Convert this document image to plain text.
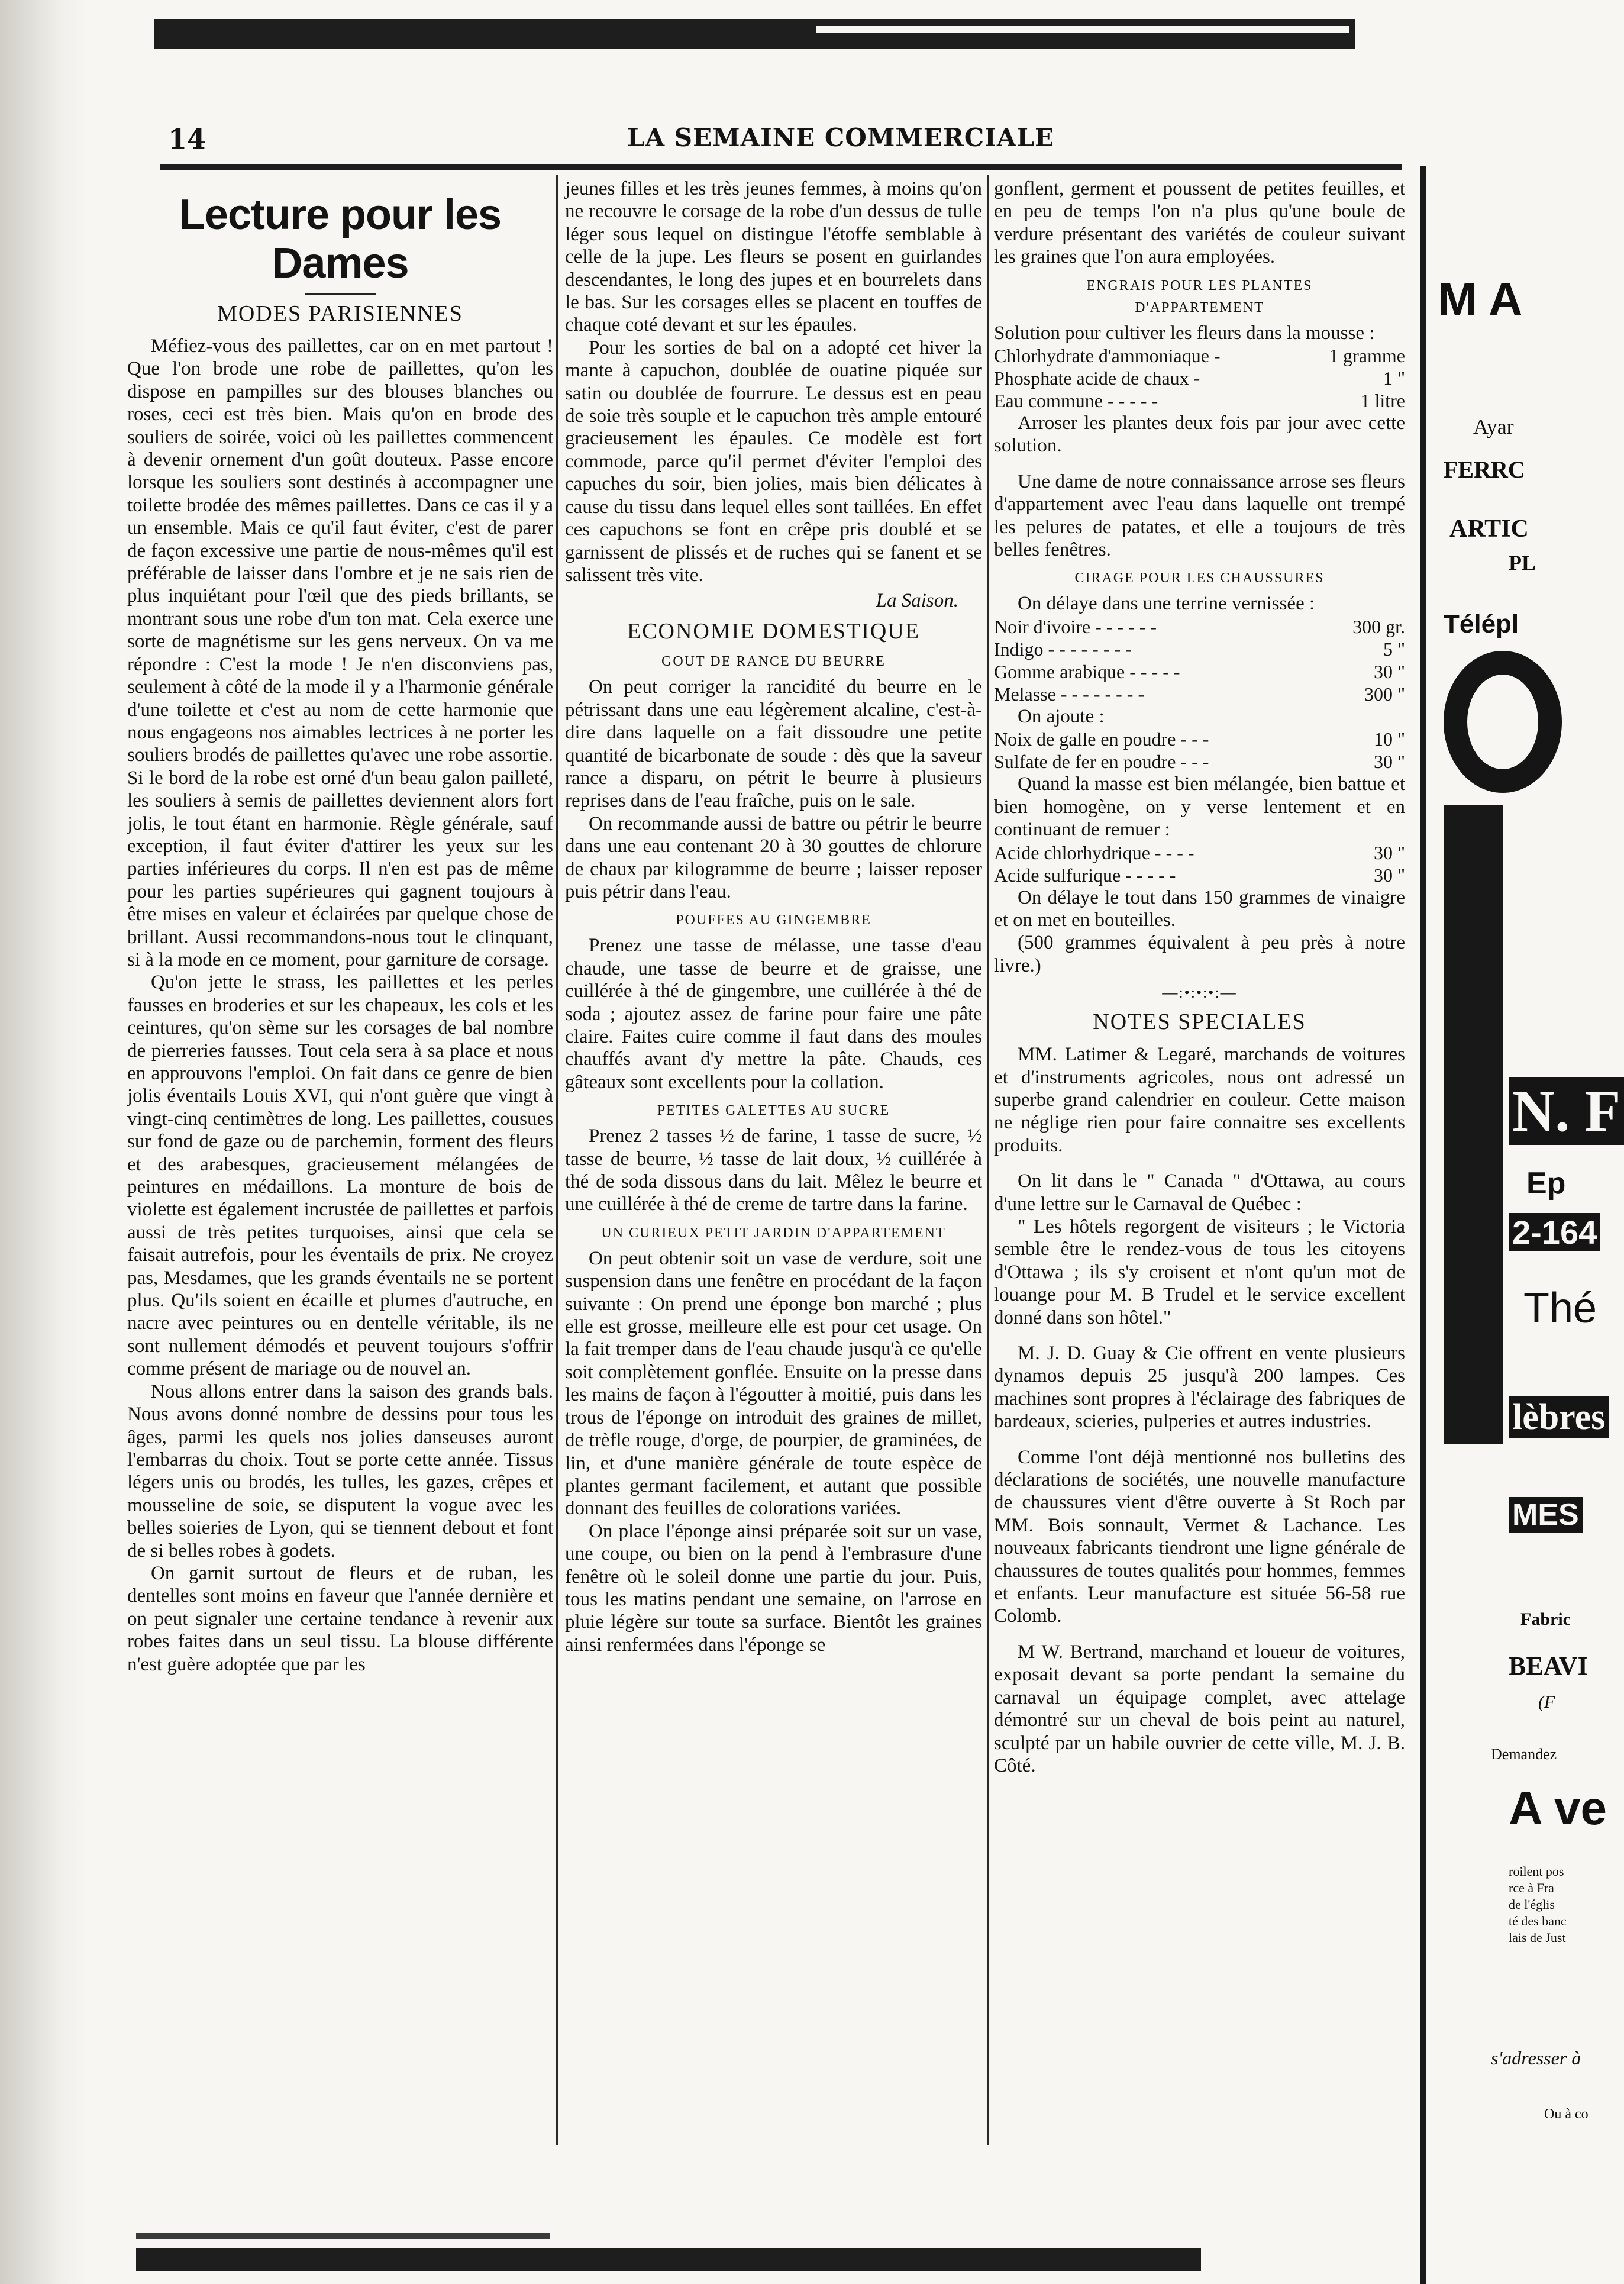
14	LA SEMAINE COMMERCIALE
Lecture pour les Dames
MODES PARISIENNES

Méfiez-vous des paillettes, car on en met partout ! Que l'on brode une robe de paillettes, qu'on les dispose en pampilles sur des blouses blanches ou roses, ceci est très bien. Mais qu'on en brode des souliers de soirée, voici où les paillettes commencent à devenir ornement d'un goût douteux. Passe encore lorsque les souliers sont destinés à accompagner une toilette brodée des mêmes paillettes. Dans ce cas il y a un ensemble. Mais ce qu'il faut éviter, c'est de parer de façon excessive une partie de nous-mêmes qu'il est préférable de laisser dans l'ombre et je ne sais rien de plus inquiétant pour l'œil que des pieds brillants, se montrant sous une robe d'un ton mat. Cela exerce une sorte de magnétisme sur les gens nerveux. On va me répondre : C'est la mode ! Je n'en disconviens pas, seulement à côté de la mode il y a l'harmonie générale d'une toilette et c'est au nom de cette harmonie que nous engageons nos aimables lectrices à ne porter les souliers brodés de paillettes qu'avec une robe assortie. Si le bord de la robe est orné d'un beau galon pailleté, les souliers à semis de paillettes deviennent alors fort jolis, le tout étant en harmonie. Règle générale, sauf exception, il faut éviter d'attirer les yeux sur les parties inférieures du corps. Il n'en est pas de même pour les parties supérieures qui gagnent toujours à être mises en valeur et éclairées par quelque chose de brillant. Aussi recommandons-nous tout le clinquant, si à la mode en ce moment, pour garniture de corsage.

Qu'on jette le strass, les paillettes et les perles fausses en broderies et sur les chapeaux, les cols et les ceintures, qu'on sème sur les corsages de bal nombre de pierreries fausses. Tout cela sera à sa place et nous en approuvons l'emploi. On fait dans ce genre de bien jolis éventails Louis XVI, qui n'ont guère que vingt à vingt-cinq centimètres de long. Les paillettes, cousues sur fond de gaze ou de parchemin, forment des fleurs et des arabesques, gracieusement mélangées de peintures en médaillons. La monture de bois de violette est également incrustée de paillettes et parfois aussi de très petites turquoises, ainsi que cela se faisait autrefois, pour les éventails de prix. Ne croyez pas, Mesdames, que les grands éventails ne se portent plus. Qu'ils soient en écaille et plumes d'autruche, en nacre avec peintures ou en dentelle véritable, ils ne sont nullement démodés et peuvent toujours s'offrir comme présent de mariage ou de nouvel an.

Nous allons entrer dans la saison des grands bals. Nous avons donné nombre de dessins pour tous les âges, parmi les quels nos jolies danseuses auront l'embarras du choix. Tout se porte cette année. Tissus légers unis ou brodés, les tulles, les gazes, crêpes et mousseline de soie, se disputent la vogue avec les belles soieries de Lyon, qui se tiennent debout et font de si belles robes à godets.

On garnit surtout de fleurs et de ruban, les dentelles sont moins en faveur que l'année dernière et on peut signaler une certaine tendance à revenir aux robes faites dans un seul tissu. La blouse différente n'est guère adoptée que par les

jeunes filles et les très jeunes femmes, à moins qu'on ne recouvre le corsage de la robe d'un dessus de tulle léger sous lequel on distingue l'étoffe semblable à celle de la jupe. Les fleurs se posent en guirlandes descendantes, le long des jupes et en bourrelets dans le bas. Sur les corsages elles se placent en touffes de chaque coté devant et sur les épaules.

Pour les sorties de bal on a adopté cet hiver la mante à capuchon, doublée de ouatine piquée sur satin ou doublée de fourrure. Le dessus est en peau de soie très souple et le capuchon très ample entouré gracieusement les épaules. Ce modèle est fort commode, parce qu'il permet d'éviter l'emploi des capuches du soir, bien jolies, mais bien délicates à cause du tissu dans lequel elles sont taillées. En effet ces capuchons se font en crêpe pris doublé et se garnissent de plissés et de ruches qui se fanent et se salissent très vite.

La Saison.
ECONOMIE DOMESTIQUE
GOUT DE RANCE DU BEURRE

On peut corriger la rancidité du beurre en le pétrissant dans une eau légèrement alcaline, c'est-à-dire dans laquelle on a fait dissoudre une petite quantité de bicarbonate de soude : dès que la saveur rance a disparu, on pétrit le beurre à plusieurs reprises dans de l'eau fraîche, puis on le sale.

On recommande aussi de battre ou pétrir le beurre dans une eau contenant 20 à 30 gouttes de chlorure de chaux par kilogramme de beurre ; laisser reposer puis pétrir dans l'eau.

POUFFES AU GINGEMBRE

Prenez une tasse de mélasse, une tasse d'eau chaude, une tasse de beurre et de graisse, une cuillérée à thé de gingembre, une cuillérée à thé de soda ; ajoutez assez de farine pour faire une pâte claire. Faites cuire comme il faut dans des moules chauffés avant d'y mettre la pâte. Chauds, ces gâteaux sont excellents pour la collation.

PETITES GALETTES AU SUCRE

Prenez 2 tasses ½ de farine, 1 tasse de sucre, ½ tasse de beurre, ½ tasse de lait doux, ½ cuillérée à thé de soda dissous dans du lait. Mêlez le beurre et une cuillérée à thé de creme de tartre dans la farine.

UN CURIEUX PETIT JARDIN D'APPARTEMENT

On peut obtenir soit un vase de verdure, soit une suspension dans une fenêtre en procédant de la façon suivante : On prend une éponge bon marché ; plus elle est grosse, meilleure elle est pour cet usage. On la fait tremper dans de l'eau chaude jusqu'à ce qu'elle soit complètement gonflée. Ensuite on la presse dans les mains de façon à l'égoutter à moitié, puis dans les trous de l'éponge on introduit des graines de millet, de trèfle rouge, d'orge, de pourpier, de graminées, de lin, et d'une manière générale de toute espèce de plantes germant facilement, et autant que possible donnant des feuilles de colorations variées.

On place l'éponge ainsi préparée soit sur un vase, une coupe, ou bien on la pend à l'embrasure d'une fenêtre où le soleil donne une partie du jour. Puis, tous les matins pendant une semaine, on l'arrose en pluie légère sur toute sa surface. Bientôt les graines ainsi renfermées dans l'éponge se

gonflent, germent et poussent de petites feuilles, et en peu de temps l'on n'a plus qu'une boule de verdure présentant des variétés de couleur suivant les graines que l'on aura employées.

ENGRAIS POUR LES PLANTES
D'APPARTEMENT

Solution pour cultiver les fleurs dans la mousse :

Chlorhydrate d'ammoniaque -	1 gramme
Phosphate acide de chaux -	1 "
Eau commune - - - - -	1 litre

Arroser les plantes deux fois par jour avec cette solution.

Une dame de notre connaissance arrose ses fleurs d'appartement avec l'eau dans laquelle ont trempé les pelures de patates, et elle a toujours de très belles fenêtres.

CIRAGE POUR LES CHAUSSURES

On délaye dans une terrine vernissée :

Noir d'ivoire - - - - - -	300 gr.
Indigo - - - - - - - -	5 "
Gomme arabique - - - - -	30 "
Melasse - - - - - - - -	300 "

On ajoute :

Noix de galle en poudre - - -	10 "
Sulfate de fer en poudre - - -	30 "

Quand la masse est bien mélangée, bien battue et bien homogène, on y verse lentement et en continuant de remuer :

Acide chlorhydrique - - - -	30 "
Acide sulfurique - - - - -	30 "

On délaye le tout dans 150 grammes de vinaigre et on met en bouteilles.

(500 grammes équivalent à peu près à notre livre.)

—:•:•:•:—
NOTES SPECIALES

MM. Latimer & Legaré, marchands de voitures et d'instruments agricoles, nous ont adressé un superbe grand calendrier en couleur. Cette maison ne néglige rien pour faire connaitre ses excellents produits.

On lit dans le " Canada " d'Ottawa, au cours d'une lettre sur le Carnaval de Québec :

" Les hôtels regorgent de visiteurs ; le Victoria semble être le rendez-vous de tous les citoyens d'Ottawa ; ils s'y croisent et n'ont qu'un mot de louange pour M. B Trudel et le service excellent donné dans son hôtel."

M. J. D. Guay & Cie offrent en vente plusieurs dynamos depuis 25 jusqu'à 200 lampes. Ces machines sont propres à l'éclairage des fabriques de bardeaux, scieries, pulperies et autres industries.

Comme l'ont déjà mentionné nos bulletins des déclarations de sociétés, une nouvelle manufacture de chaussures vient d'être ouverte à St Roch par MM. Bois sonnault, Vermet & Lachance. Les nouveaux fabricants tiendront une ligne générale de chaussures de toutes qualités pour hommes, femmes et enfants. Leur manufacture est située 56-58 rue Colomb.

M W. Bertrand, marchand et loueur de voitures, exposait devant sa porte pendant la semaine du carnaval un équipage complet, avec attelage démontré sur un cheval de bois peint au naturel, sculpté par un habile ouvrier de cette ville, M. J. B. Côté.

M A
Ayar
FERRC
ARTIC
PL
Télépl
N. F
Ep
2-164
Thé
lèbres
MES
Fabric
BEAVI
(F
Demandez
A ve
roilent pos
rce à Fra
de l'églis
té des banc
lais de Just
s'adresser à
Ou à co
